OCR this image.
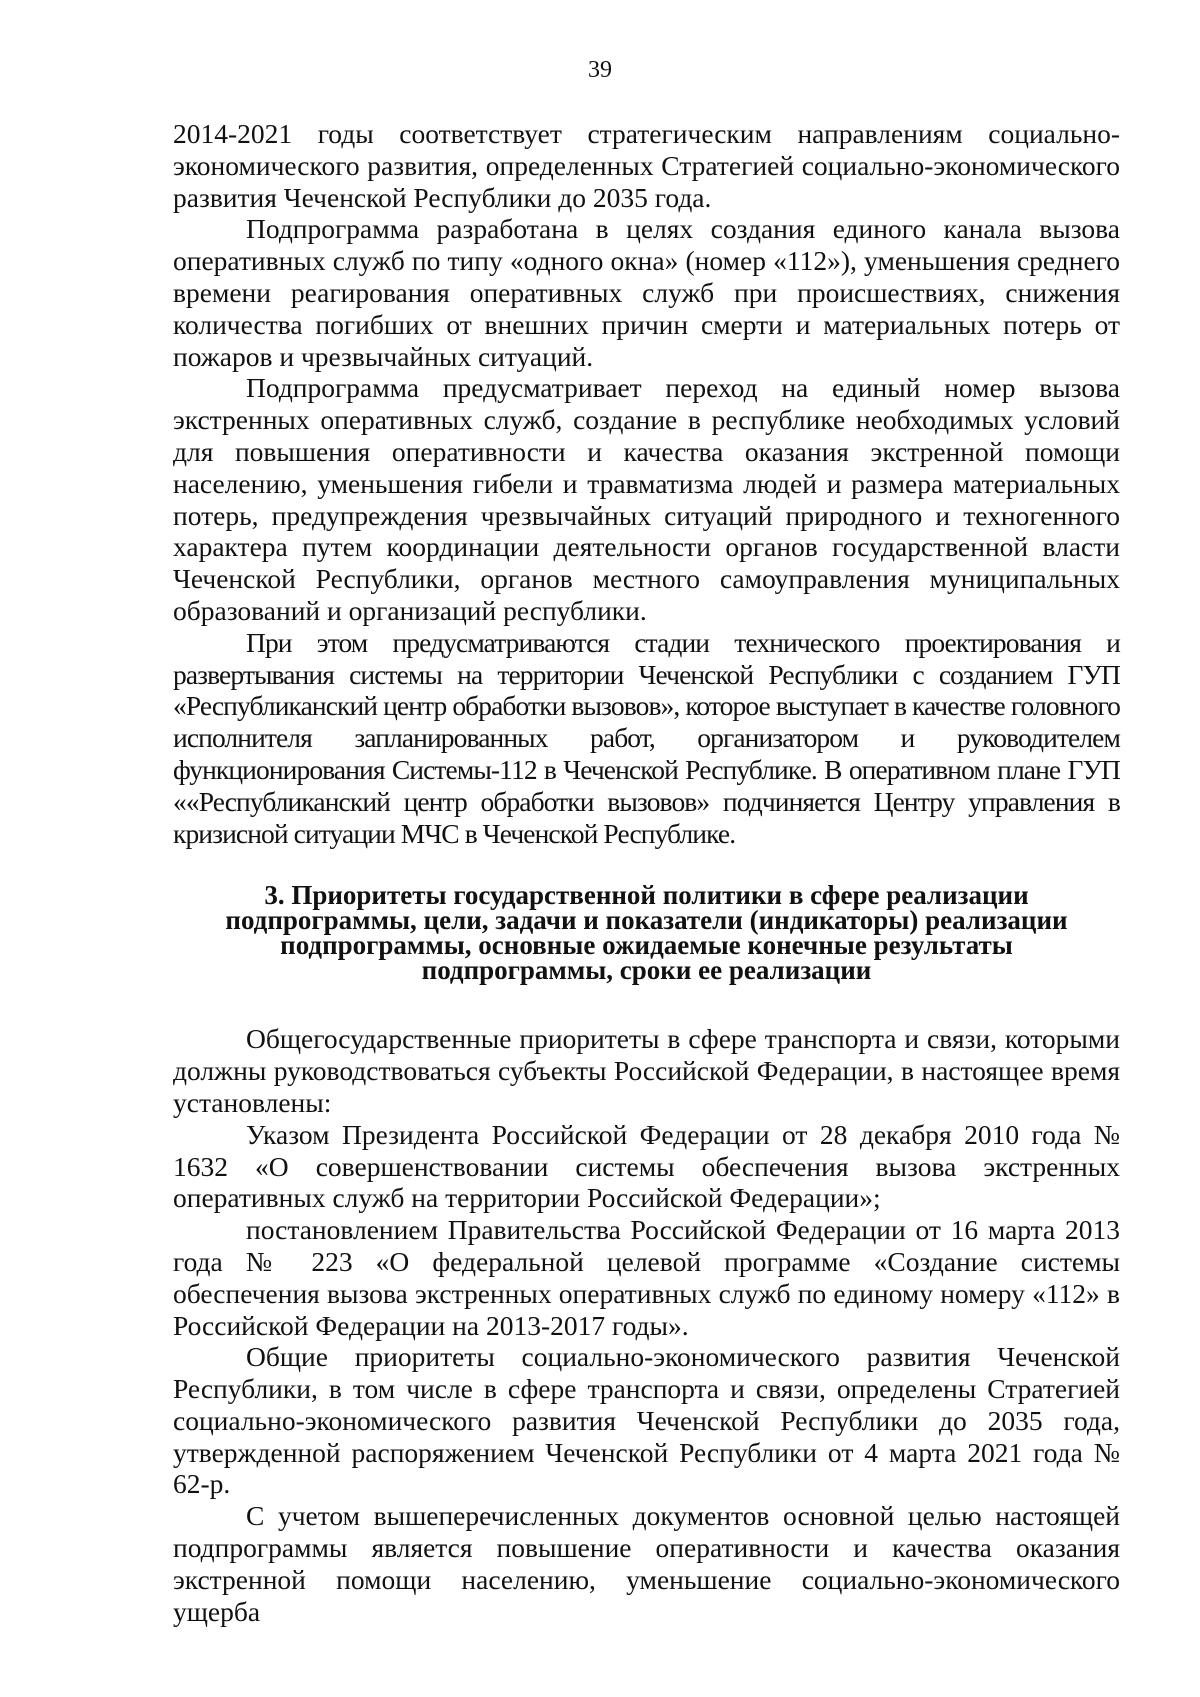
39

2014-2021 годы соответствует стратегическим направлениям социально-экономического развития, определенных Стратегией социально-экономического развития Чеченской Республики до 2035 года.

Подпрограмма разработана в целях создания единого канала вызова оперативных служб по типу «одного окна» (номер «112»), уменьшения среднего времени реагирования оперативных служб при происшествиях, снижения количества погибших от внешних причин смерти и материальных потерь от пожаров и чрезвычайных ситуаций.

Подпрограмма предусматривает переход на единый номер вызова экстренных оперативных служб, создание в республике необходимых условий для повышения оперативности и качества оказания экстренной помощи населению, уменьшения гибели и травматизма людей и размера материальных потерь, предупреждения чрезвычайных ситуаций природного и техногенного характера путем координации деятельности органов государственной власти Чеченской Республики, органов местного самоуправления муниципальных образований и организаций республики.

При этом предусматриваются стадии технического проектирования и развертывания системы на территории Чеченской Республики с созданием ГУП «Республиканский центр обработки вызовов», которое выступает в качестве головного исполнителя запланированных работ, организатором и руководителем функционирования Системы-112 в Чеченской Республике. В оперативном плане ГУП ««Республиканский центр обработки вызовов» подчиняется Центру управления в кризисной ситуации МЧС в Чеченской Республике.

3. Приоритеты государственной политики в сфере реализации
подпрограммы, цели, задачи и показатели (индикаторы) реализации
подпрограммы, основные ожидаемые конечные результаты
подпрограммы, сроки ее реализации

Общегосударственные приоритеты в сфере транспорта и связи, которыми должны руководствоваться субъекты Российской Федерации, в настоящее время установлены:

Указом Президента Российской Федерации от 28 декабря 2010 года № 1632 «О совершенствовании системы обеспечения вызова экстренных оперативных служб на территории Российской Федерации»;

постановлением Правительства Российской Федерации от 16 марта 2013 года № 223 «О федеральной целевой программе «Создание системы обеспечения вызова экстренных оперативных служб по единому номеру «112» в Российской Федерации на 2013-2017 годы».

Общие приоритеты социально-экономического развития Чеченской Республики, в том числе в сфере транспорта и связи, определены Стратегией социально-экономического развития Чеченской Республики до 2035 года, утвержденной распоряжением Чеченской Республики от 4 марта 2021 года № 62-р.

С учетом вышеперечисленных документов основной целью настоящей подпрограммы является повышение оперативности и качества оказания экстренной помощи населению, уменьшение социально-экономического ущерба
